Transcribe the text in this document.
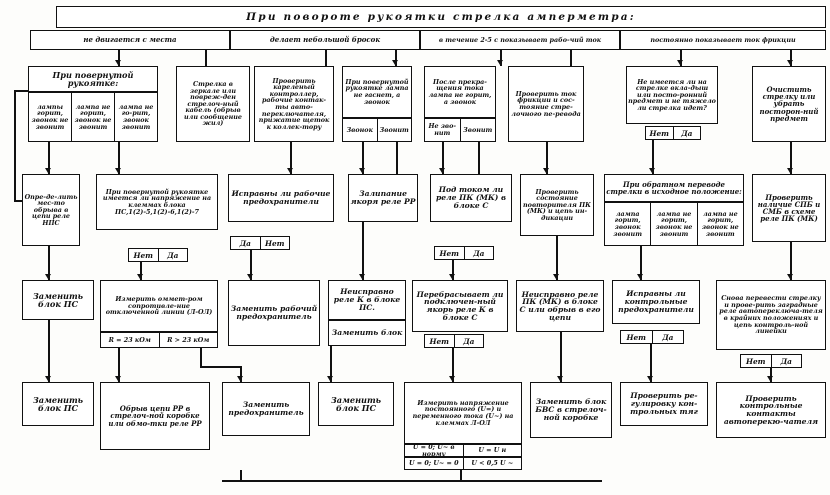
При повороте рукоятки стрелка амперметра:
не двигается с места	делает небольшой бросок	в течение 2-5 с показывает рабо-чий ток	постоянно показывает ток фрикции
При повернутой рукоятке:
лампы горит, звонок не звонит
лампа не горит, звонок не звонит
лампа не го-рит, звонок звонит
Стрелка в зеркале или повреж-ден стрелоч-ный кабель (обрыв или сообщение жил)
Проверить кареленый контроллер, рабочие контак-ты авто-переключателя, прижатие щеток к коллек-тору
При повернутой рукоятке лампа не гаснет, а звонок
Звонок	Звонит
После прекра-щения тока лампа не горит, а звонок
Не зво-нит	Звонит
Проверить ток фрикции и сос-тояние стре-лочного пе-ревода
Не имеется ли на стрелке вкла-дыш или посто-ронний предмет и не тяжело ли стрелка идет?
Нет	Да
Очистить стрелку или убрать посторон-ний предмет
Опре-де-лить мес-то обрыва в цепи реле НПС
При повернутой рукоятке имеется ли напряжение на клеммах блока ПС,1(2)-5,1(2)-6,1(2)-7
Нет	Да
Исправны ли рабочие предохранители
Да	Нет
Залипание якоря реле РР
Под током ли реле ПК (МК) в блоке С
Нет	Да
Проверить состояние повторителя ПК (МК) и цепь ин-дикации
При обратном переводе стрелки в исходное положение:
лампа горит, звонок звонит
лампа не горит, звонок не звонит
лампа не горит, звонок не звонит
Проверить наличие СПБ и СМБ в схеме реле ПК (МК)
Заменить блок ПС	Измерить оммет-ром сопротивле-ние отключенной линии (Л-ОЛ)
R = 23 кОм	R > 23 кОм
Заменить рабочий предохранитель
Неисправно реле К в блоке ПС.
Заменить блок
Перебрасывает ли подключен-ный якорь реле К в блоке С
Нет	Да
Неисправно реле ПК (МК) в блоке С или обрыв в его цепи
Исправны ли контрольные предохранители
Нет	Да
Снова перевести стрелку и прове-рить заградные реле автопереключа-теля в крайних положениях и цепь контроль-ной линейки
Нет	Да
Заменить блок ПС	Обрыв цепи РР в стрелоч-ной коробке или обмо-тки реле РР
Заменить предохранитель
Заменить блок ПС
Измерить напряжение постоянного (U=) и переменного тока (U~) на клеммах Л-ОЛ
U = 0; U~ в норму	U = U н
U = 0; U~ = 0	U < 0,5 U ~
Заменить блок БВС в стрелоч-ной коробке
Проверить ре-гулировку кон-трольных тяг
Проверить контрольные контакты автоперекю-чателя
